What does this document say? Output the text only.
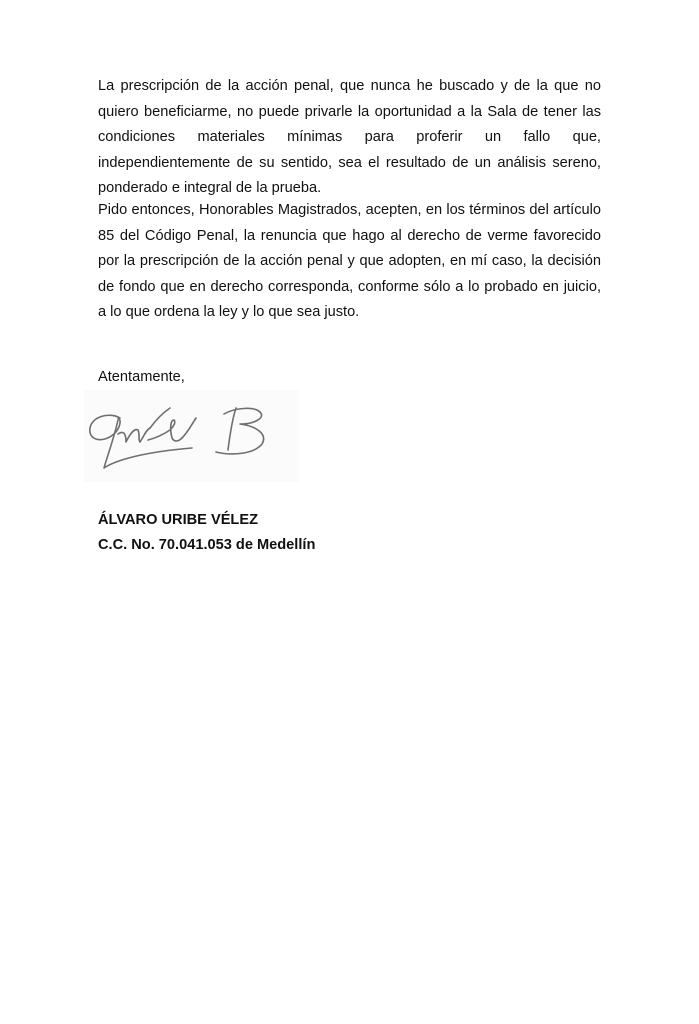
La prescripción de la acción penal, que nunca he buscado y de la que no quiero beneficiarme, no puede privarle la oportunidad a la Sala de tener las condiciones materiales mínimas para proferir un fallo que, independientemente de su sentido, sea el resultado de un análisis sereno, ponderado e integral de la prueba.

Pido entonces, Honorables Magistrados, acepten, en los términos del artículo 85 del Código Penal, la renuncia que hago al derecho de verme favorecido por la prescripción de la acción penal y que adopten, en mí caso, la decisión de fondo que en derecho corresponda, conforme sólo a lo probado en juicio, a lo que ordena la ley y lo que sea justo.

Atentamente,

ÁLVARO URIBE VÉLEZ
C.C. No. 70.041.053 de Medellín
